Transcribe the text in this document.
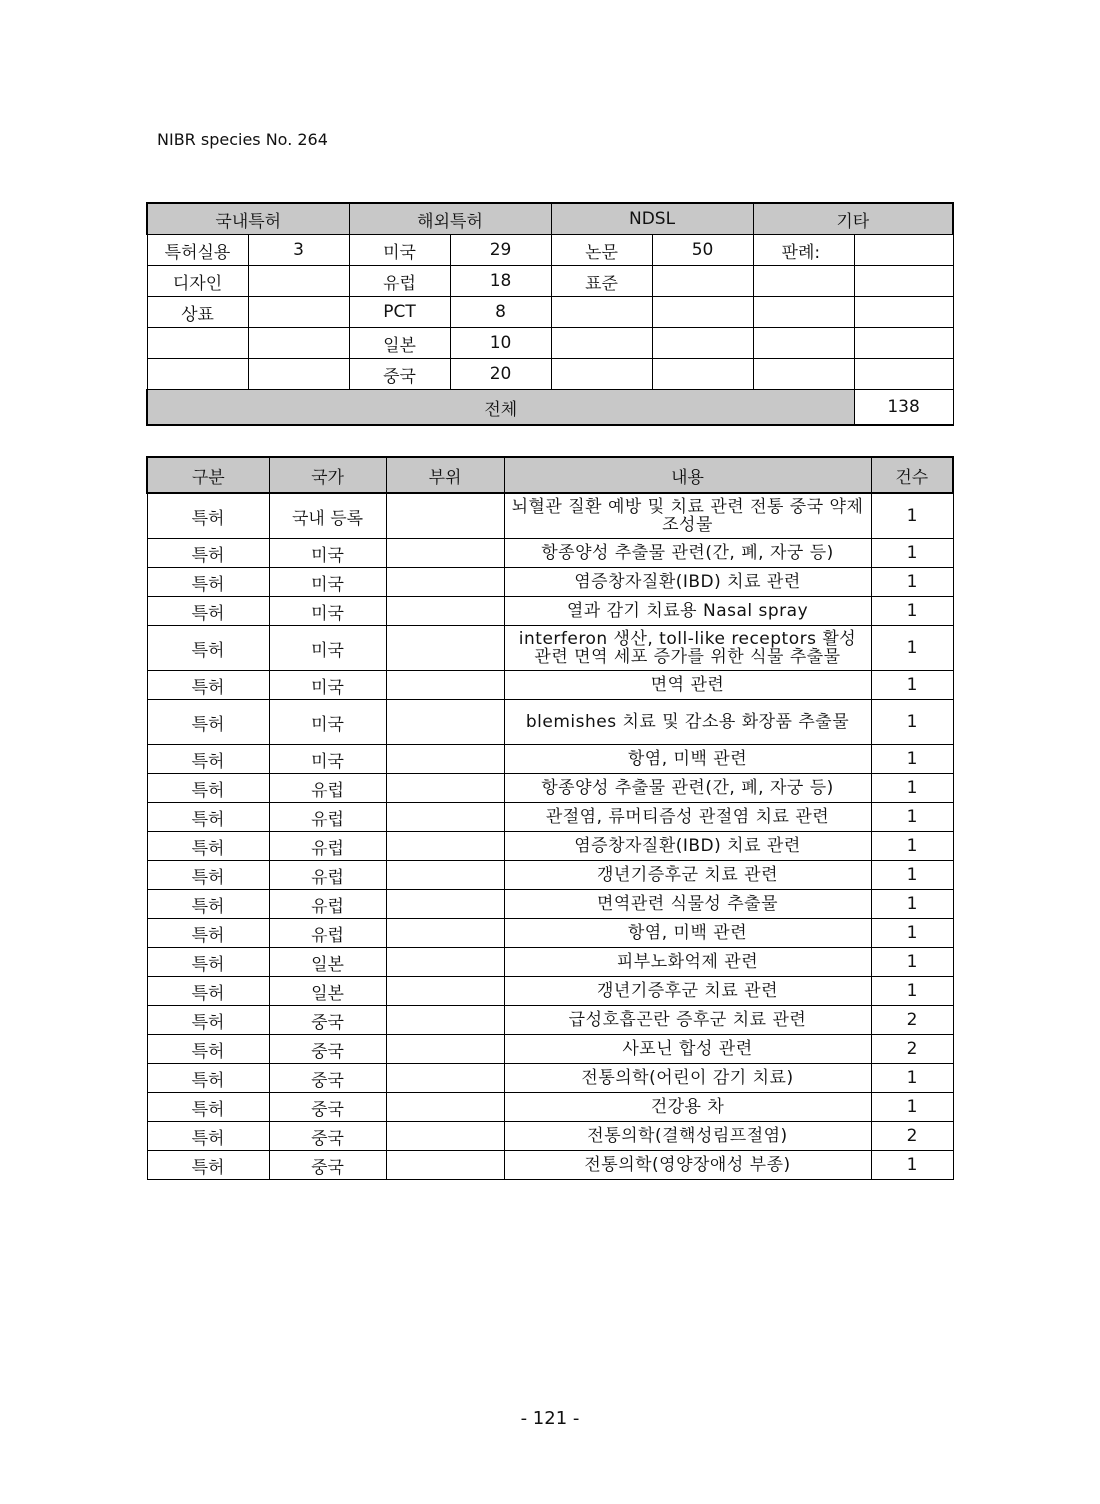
NIBR species No. 264

국내특허		해외특허		NDSL		기타	
특허실용	3	미국	29	논문	50	판례:	
디자인		유럽	18	표준			
상표		PCT	8				
		일본	10				
		중국	20				
전체							138
구분	국가	부위	내용	건수
특허	국내 등록		뇌혈관 질환 예방 및 치료 관련 전통 중국 약제 조성물	1
특허	미국		항종양성 추출물 관련(간, 폐, 자궁 등)	1
특허	미국		염증창자질환(IBD) 치료 관련	1
특허	미국		열과 감기 치료용 Nasal spray	1
특허	미국		interferon 생산, toll-like receptors 활성 관련 면역 세포 증가를 위한 식물 추출물	1
특허	미국		면역 관련	1
특허	미국		blemishes 치료 및 감소용 화장품 추출물	1
특허	미국		항염, 미백 관련	1
특허	유럽		항종양성 추출물 관련(간, 폐, 자궁 등)	1
특허	유럽		관절염, 류머티즘성 관절염 치료 관련	1
특허	유럽		염증창자질환(IBD) 치료 관련	1
특허	유럽		갱년기증후군 치료 관련	1
특허	유럽		면역관련 식물성 추출물	1
특허	유럽		항염, 미백 관련	1
특허	일본		피부노화억제 관련	1
특허	일본		갱년기증후군 치료 관련	1
특허	중국		급성호흡곤란 증후군 치료 관련	2
특허	중국		사포닌 합성 관련	2
특허	중국		전통의학(어린이 감기 치료)	1
특허	중국		건강용 차	1
특허	중국		전통의학(결핵성림프절염)	2
특허	중국		전통의학(영양장애성 부종)	1

- 121 -
